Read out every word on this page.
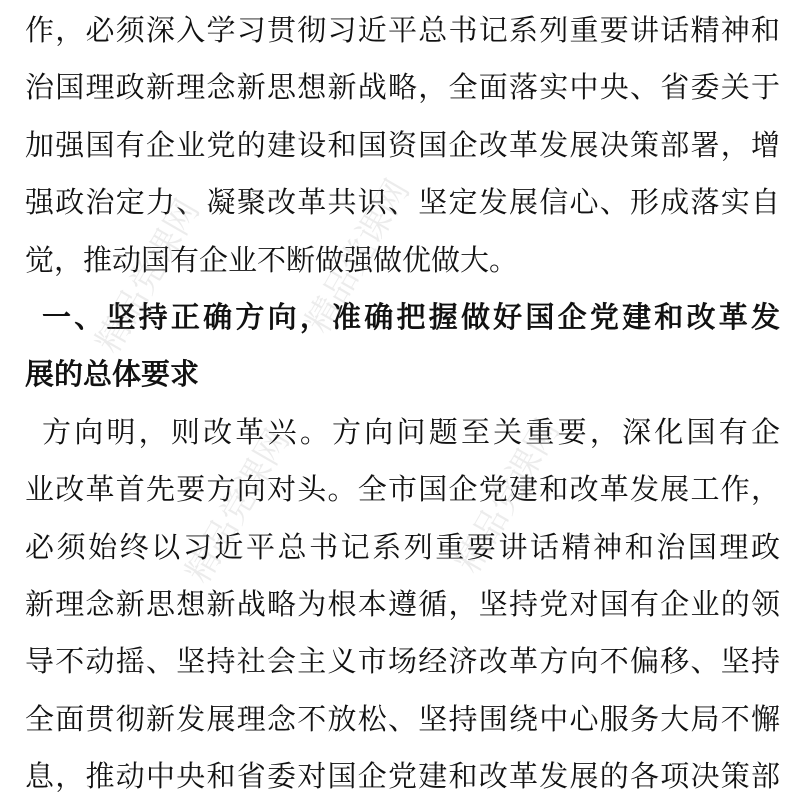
作，必须深入学习贯彻习近平总书记系列重要讲话精神和
治国理政新理念新思想新战略，全面落实中央、省委关于
加强国有企业党的建设和国资国企改革发展决策部署，增
强政治定力、凝聚改革共识、坚定发展信心、形成落实自
觉，推动国有企业不断做强做优做大。
一、坚持正确方向，准确把握做好国企党建和改革发
展的总体要求
方向明，则改革兴。方向问题至关重要，深化国有企
业改革首先要方向对头。全市国企党建和改革发展工作，
必须始终以习近平总书记系列重要讲话精神和治国理政
新理念新思想新战略为根本遵循，坚持党对国有企业的领
导不动摇、坚持社会主义市场经济改革方向不偏移、坚持
全面贯彻新发展理念不放松、坚持围绕中心服务大局不懈
息，推动中央和省委对国企党建和改革发展的各项决策部
精品党课网	精品党课网
精品党课网	精品党课网
